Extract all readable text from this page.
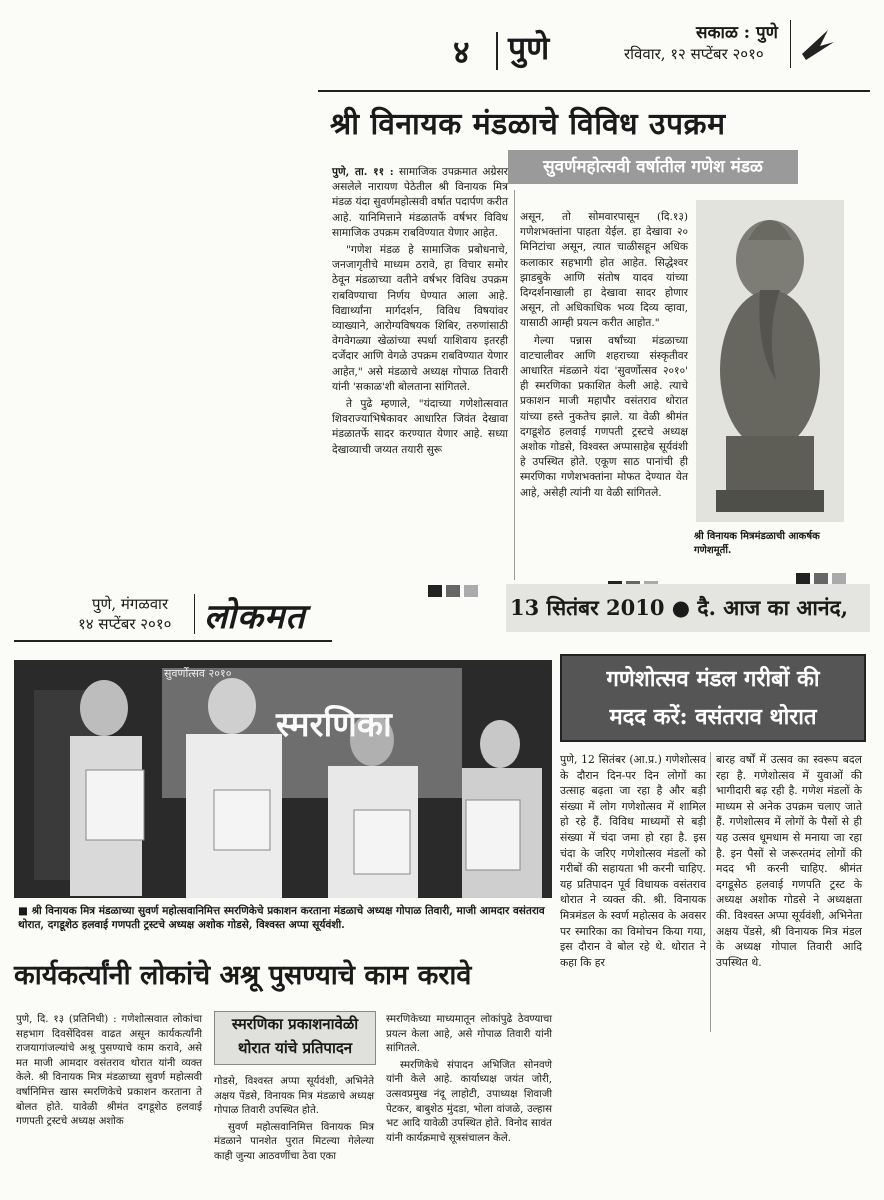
४ पुणे	सकाळ : पुणे
रविवार, १२ सप्टेंबर २०१०
श्री विनायक मंडळाचे विविध उपक्रम
सुवर्णमहोत्सवी वर्षातील गणेश मंडळ

पुणे, ता. ११ : सामाजिक उपक्रमात अग्रेसर असलेले नारायण पेठेतील श्री विनायक मित्र मंडळ यंदा सुवर्णमहोत्सवी वर्षात पदार्पण करीत आहे. यानिमित्ताने मंडळातर्फे वर्षभर विविध सामाजिक उपक्रम राबविण्यात येणार आहेत.

"गणेश मंडळ हे सामाजिक प्रबोधनाचे, जनजागृतीचे माध्यम ठरावे, हा विचार समोर ठेवून मंडळाच्या वतीने वर्षभर विविध उपक्रम राबविण्याचा निर्णय घेण्यात आला आहे. विद्यार्थ्यांना मार्गदर्शन, विविध विषयांवर व्याख्याने, आरोग्यविषयक शिबिर, तरुणांसाठी वेगवेगळ्या खेळांच्या स्पर्धा याशिवाय इतरही दर्जेदार आणि वेगळे उपक्रम राबविण्यात येणार आहेत," असे मंडळाचे अध्यक्ष गोपाळ तिवारी यांनी 'सकाळ'शी बोलताना सांगितले.

ते पुढे म्हणाले, "यंदाच्या गणेशोत्सवात शिवराज्याभिषेकावर आधारित जिवंत देखावा मंडळातर्फे सादर करण्यात येणार आहे. सध्या देखाव्याची जय्यत तयारी सुरू

असून, तो सोमवारपासून (दि.१३) गणेशभक्तांना पाहता येईल. हा देखावा २० मिनिटांचा असून, त्यात चाळीसहून अधिक कलाकार सहभागी होत आहेत. सिद्धेश्वर झाडबुके आणि संतोष यादव यांच्या दिग्दर्शनाखाली हा देखावा सादर होणार असून, तो अधिकाधिक भव्य दिव्य व्हावा, यासाठी आम्ही प्रयत्न करीत आहोत."

गेल्या पन्नास वर्षांच्या मंडळाच्या वाटचालीवर आणि शहराच्या संस्कृतीवर आधारित मंडळाने यंदा 'सुवर्णोत्सव २०१०' ही स्मरणिका प्रकाशित केली आहे. त्याचे प्रकाशन माजी महापौर वसंतराव थोरात यांच्या हस्ते नुकतेच झाले. या वेळी श्रीमंत दगडूशेठ हलवाई गणपती ट्रस्टचे अध्यक्ष अशोक गोडसे, विश्वस्त अप्पासाहेब सूर्यवंशी हे उपस्थित होते. एकूण साठ पानांची ही स्मरणिका गणेशभक्तांना मोफत देण्यात येत आहे, असेही त्यांनी या वेळी सांगितले.

श्री विनायक मित्रमंडळाची आकर्षक गणेशमूर्ती.
पुणे, मंगळवार
१४ सप्टेंबर २०१० लोकमत	13 सितंबर 2010 ● दै. आज का आनंद,
सुवर्णोत्सव २०१०
स्मरणिका
■ श्री विनायक मित्र मंडळाच्या सुवर्ण महोत्सवानिमित्त स्मरणिकेचे प्रकाशन करताना मंडळाचे अध्यक्ष गोपाळ तिवारी, माजी आमदार वसंतराव थोरात, दगडूशेठ हलवाई गणपती ट्रस्टचे अध्यक्ष अशोक गोडसे, विश्वस्त अप्पा सूर्यवंशी.
गणेशोत्सव मंडल गरीबों की
मदद करें: वसंतराव थोरात
पुणे, 12 सितंबर (आ.प्र.) गणेशोत्सव के दौरान दिन-पर दिन लोगों का उत्साह बढ़ता जा रहा है और बड़ी संख्या में लोग गणेशोत्सव में शामिल हो रहे हैं. विविध माध्यमों से बड़ी संख्या में चंदा जमा हो रहा है. इस चंदा के जरिए गणेशोत्सव मंडलों को गरीबों की सहायता भी करनी चाहिए. यह प्रतिपादन पूर्व विधायक वसंतराव थोरात ने व्यक्त की. श्री. विनायक मित्रमंडल के स्वर्ण महोत्सव के अवसर पर स्मारिका का विमोचन किया गया, इस दौरान वे बोल रहे थे. थोरात ने कहा कि हर
बारह वर्षों में उत्सव का स्वरूप बदल रहा है. गणेशोत्सव में युवाओं की भागीदारी बढ़ रही है. गणेश मंडलों के माध्यम से अनेक उपक्रम चलाए जाते हैं. गणेशोत्सव में लोगों के पैसों से ही यह उत्सव धूमधाम से मनाया जा रहा है. इन पैसों से जरूरतमंद लोगों की मदद भी करनी चाहिए. श्रीमंत दगडूसेठ हलवाई गणपति ट्रस्ट के अध्यक्ष अशोक गोडसे ने अध्यक्षता की. विश्वस्त अप्पा सूर्यवंशी, अभिनेता अक्षय पेंडसे, श्री विनायक मित्र मंडल के अध्यक्ष गोपाल तिवारी आदि उपस्थित थे.
कार्यकर्त्यांनी लोकांचे अश्रू पुसण्याचे काम करावे
पुणे, दि. १३ (प्रतिनिधी) : गणेशोत्सवात लोकांचा सहभाग दिवसेंदिवस वाढत असून कार्यकर्त्यांनी राजयागांजल्यांचे अश्रू पुसण्याचे काम करावे, असे मत माजी आमदार वसंतराव थोरात यांनी व्यक्त केले. श्री विनायक मित्र मंडळाच्या सुवर्ण महोत्सवी वर्षानिमित्त खास स्मरणिकेचे प्रकाशन करताना ते बोलत होते. यावेळी श्रीमंत दगडूशेठ हलवाई गणपती ट्रस्टचे अध्यक्ष अशोक
स्मरणिका प्रकाशनावेळी
थोरात यांचे प्रतिपादन

गोडसे, विश्वस्त अप्पा सूर्यवंशी, अभिनेते अक्षय पेंडसे, विनायक मित्र मंडळाचे अध्यक्ष गोपाळ तिवारी उपस्थित होते.

सुवर्ण महोत्सवानिमित्त विनायक मित्र मंडळाने पानशेत पुरात मिटल्या गेलेल्या काही जुन्या आठवणींचा ठेवा एका

स्मरणिकेच्या माध्यमातून लोकांपुढे ठेवण्याचा प्रयत्न केला आहे, असे गोपाळ तिवारी यांनी सांगितले.

स्मरणिकेचे संपादन अभिजित सोनवणे यांनी केले आहे. कार्याध्यक्ष जयंत जोरी, उत्सवप्रमुख नंदू लाहोटी, उपाध्यक्ष शिवाजी पेटकर, बाबुशेठ मुंदडा, भोला वांजळे, उल्हास भट आदि यावेळी उपस्थित होते. विनोद सावंत यांनी कार्यक्रमाचे सूत्रसंचालन केले.
